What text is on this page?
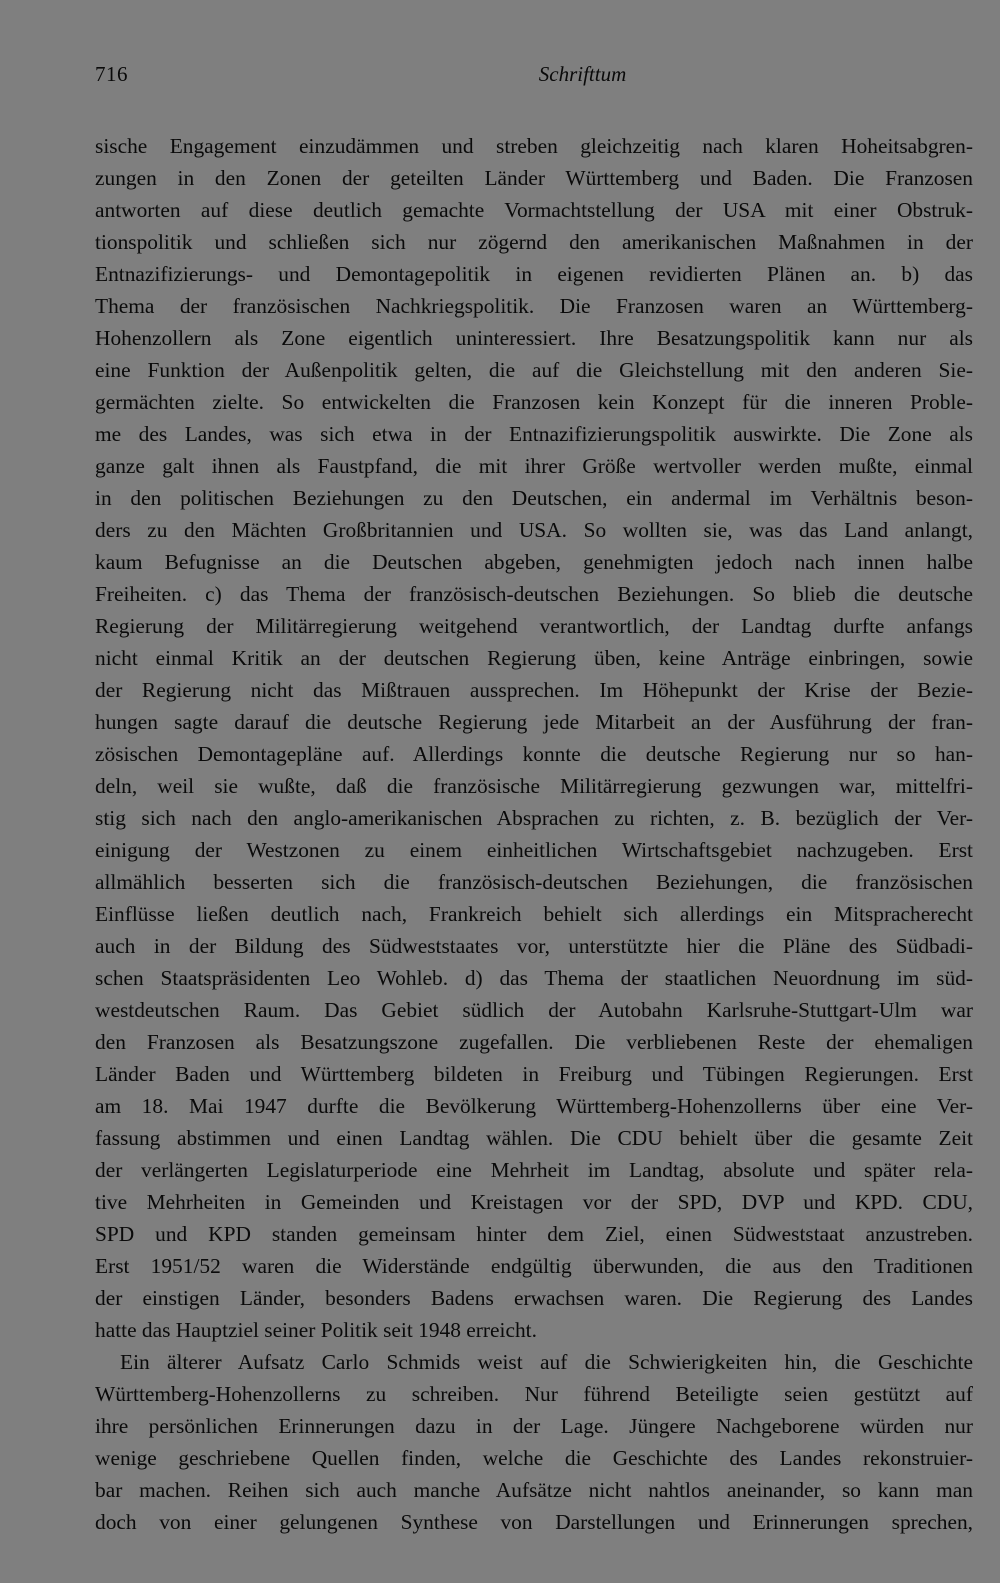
716	Schrifttum
sische Engagement einzudämmen und streben gleichzeitig nach klaren Hoheitsabgren-
zungen in den Zonen der geteilten Länder Württemberg und Baden. Die Franzosen
antworten auf diese deutlich gemachte Vormachtstellung der USA mit einer Obstruk-
tionspolitik und schließen sich nur zögernd den amerikanischen Maßnahmen in der
Entnazifizierungs- und Demontagepolitik in eigenen revidierten Plänen an. b) das
Thema der französischen Nachkriegspolitik. Die Franzosen waren an Württemberg-
Hohenzollern als Zone eigentlich uninteressiert. Ihre Besatzungspolitik kann nur als
eine Funktion der Außenpolitik gelten, die auf die Gleichstellung mit den anderen Sie-
germächten zielte. So entwickelten die Franzosen kein Konzept für die inneren Proble-
me des Landes, was sich etwa in der Entnazifizierungspolitik auswirkte. Die Zone als
ganze galt ihnen als Faustpfand, die mit ihrer Größe wertvoller werden mußte, einmal
in den politischen Beziehungen zu den Deutschen, ein andermal im Verhältnis beson-
ders zu den Mächten Großbritannien und USA. So wollten sie, was das Land anlangt,
kaum Befugnisse an die Deutschen abgeben, genehmigten jedoch nach innen halbe
Freiheiten. c) das Thema der französisch-deutschen Beziehungen. So blieb die deutsche
Regierung der Militärregierung weitgehend verantwortlich, der Landtag durfte anfangs
nicht einmal Kritik an der deutschen Regierung üben, keine Anträge einbringen, sowie
der Regierung nicht das Mißtrauen aussprechen. Im Höhepunkt der Krise der Bezie-
hungen sagte darauf die deutsche Regierung jede Mitarbeit an der Ausführung der fran-
zösischen Demontagepläne auf. Allerdings konnte die deutsche Regierung nur so han-
deln, weil sie wußte, daß die französische Militärregierung gezwungen war, mittelfri-
stig sich nach den anglo-amerikanischen Absprachen zu richten, z. B. bezüglich der Ver-
einigung der Westzonen zu einem einheitlichen Wirtschaftsgebiet nachzugeben. Erst
allmählich besserten sich die französisch-deutschen Beziehungen, die französischen
Einflüsse ließen deutlich nach, Frankreich behielt sich allerdings ein Mitspracherecht
auch in der Bildung des Südweststaates vor, unterstützte hier die Pläne des Südbadi-
schen Staatspräsidenten Leo Wohleb. d) das Thema der staatlichen Neuordnung im süd-
westdeutschen Raum. Das Gebiet südlich der Autobahn Karlsruhe-Stuttgart-Ulm war
den Franzosen als Besatzungszone zugefallen. Die verbliebenen Reste der ehemaligen
Länder Baden und Württemberg bildeten in Freiburg und Tübingen Regierungen. Erst
am 18. Mai 1947 durfte die Bevölkerung Württemberg-Hohenzollerns über eine Ver-
fassung abstimmen und einen Landtag wählen. Die CDU behielt über die gesamte Zeit
der verlängerten Legislaturperiode eine Mehrheit im Landtag, absolute und später rela-
tive Mehrheiten in Gemeinden und Kreistagen vor der SPD, DVP und KPD. CDU,
SPD und KPD standen gemeinsam hinter dem Ziel, einen Südweststaat anzustreben.
Erst 1951/52 waren die Widerstände endgültig überwunden, die aus den Traditionen
der einstigen Länder, besonders Badens erwachsen waren. Die Regierung des Landes
hatte das Hauptziel seiner Politik seit 1948 erreicht.
Ein älterer Aufsatz Carlo Schmids weist auf die Schwierigkeiten hin, die Geschichte
Württemberg-Hohenzollerns zu schreiben. Nur führend Beteiligte seien gestützt auf
ihre persönlichen Erinnerungen dazu in der Lage. Jüngere Nachgeborene würden nur
wenige geschriebene Quellen finden, welche die Geschichte des Landes rekonstruier-
bar machen. Reihen sich auch manche Aufsätze nicht nahtlos aneinander, so kann man
doch von einer gelungenen Synthese von Darstellungen und Erinnerungen sprechen,
